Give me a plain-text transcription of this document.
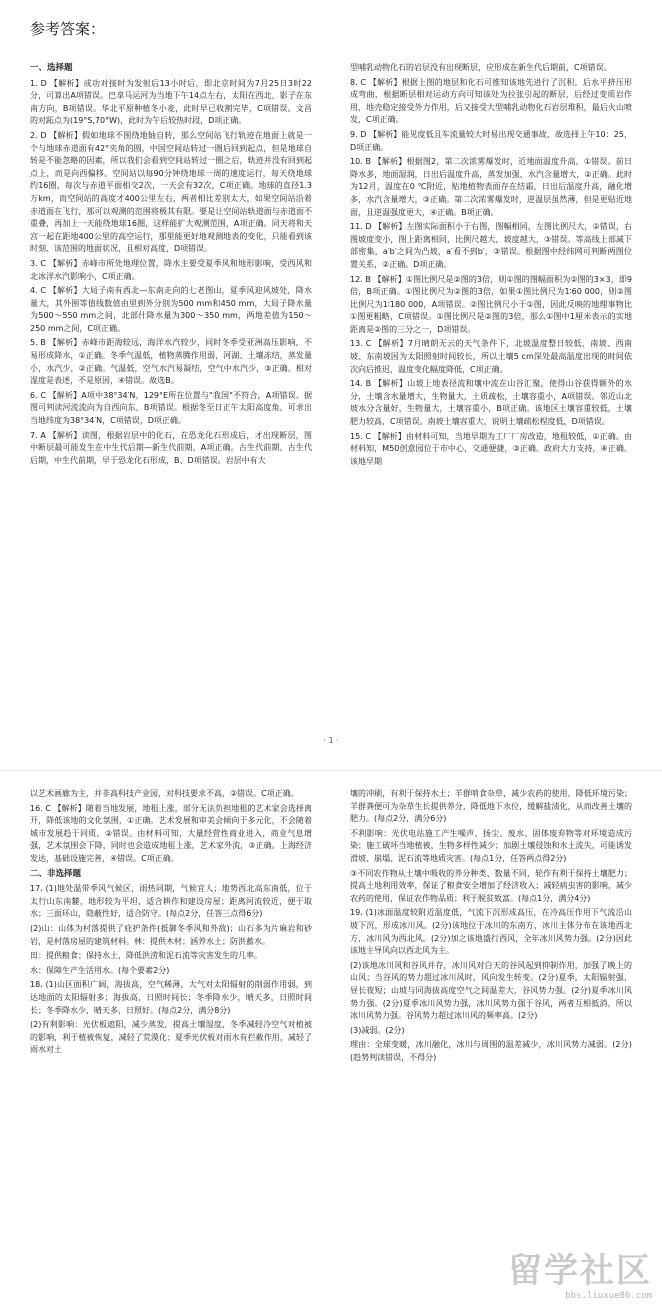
参考答案：
一、选择题
1. D 【解析】成功对接时为发射后13小时后，即北京时间为7月25日3时22分，可算出A项错误。巴拿马运河为当地下午14点左右，太阳在西北，影子在东南方向，B项错误。华北平原种植冬小麦，此时早已收割完毕，C项错误。文昌的对跖点为(19°S,70°W)，此时为午后较热时段，D项正确。
2. D 【解析】假如地球不围绕地轴自转，那么空间站飞行轨迹在地面上就是一个与地球赤道面有42°夹角的圆，中国空间站转过一圈后回到起点，但是地球自转是不能忽略的因素，所以我们会看到空间站转过一圈之后，轨迹并没有回到起点上，而是向西偏移。空间站以每90分钟绕地球一周的速度运行，每天绕地球约16圈，每次与赤道平面相交2次，一天会有32次，C项正确。地球的直径1.3万km，而空间站的高度才400公里左右，两者相比差别太大，如果空间站沿着赤道面在飞行，那可以观测的范围将极其有限。要是让空间站轨道面与赤道面不重叠，再加上一天能绕地球16圈，这样能扩大观测范围，A项正确。同天将和天宫一起在距地400公里的高空运行，那里能更好地观测地表的变化，只能看到该时刻、该范围的地面状况，且相对高度，D项错误。
3. C 【解析】赤峰市所处地理位置，降水主要受夏季风和地形影响，受西风和北冰洋水汽影响小，C项正确。
4. C 【解析】大局子南有西北—东南走向的七老图山，夏季风迎风坡处，降水量大，其外围等值线数值由里到外分别为500 mm和450 mm，大局子降水量为500～550 mm之间，北部什降水量为300～350 mm，两地差值为150～250 mm之间，C项正确。
5. B 【解析】赤峰市距海较远，海洋水汽较少，同时冬季受亚洲高压影响，不易形成降水，①正确。冬季气温低，植物蒸腾作用弱，河湖、土壤冻结，蒸发量小，水汽少，②正确。气温低，空气水汽易凝结，空气中水汽少，③正确。相对湿度是表述，不是原因，④错误。故选B。
6. C 【解析】A项中38°34′N，129°E所在位置与"我国"不符合，A项错误。据图可判读河流流向为自西向东，B项错误。根据冬至日正午太阳高度角，可求出当地纬度为38°34′N，C项错误，D项正确。
7. A 【解析】读图，根据岩层中的化石，在恐龙化石形成后，才出现断层，图中断层最可能发生在中生代后期—新生代前期，A项正确。古生代前期，古生代后期，中生代前期，早于恐龙化石形成，B、D项错误。岩层中有大
型哺乳动物化石的岩层没有出现断层，应形成在新生代后期前，C项错误。
8. C 【解析】根据上图的地层和化石可推知该地先进行了沉积，后水平挤压形成弯曲，根据断层相对运动方向可知该处为拉张引起的断层，后经过变质岩作用，地壳稳定接受外力作用，后又接受大型哺乳动物化石岩层堆积，最后火山喷发，C项正确。
9. D 【解析】能见度低且车流量较大时易出现交通事故，故选择上午10：25，D项正确。
10. B 【解析】根据图2，第二次浓雾爆发时，近地面温度升高，①错误。前日降水多，地面湿润，日出后温度升高，蒸发加强，水汽含量增大，②正确。此时为12月，温度在0 ℃附近，贴地植物表面存在结霜，日出后温度升高，融化增多，水汽含量增大，③正确。第二次浓雾爆发时，逆温层虽然薄，但是更贴近地面，且逆温强度更大，④正确。B项正确。
11. D 【解析】左图实际面积小于右图，图幅相同，左图比例尺大，②错误，右图坡度变小，图上距离相同，比例尺越大，坡度越大，③错误。等高线上部减下部密集，a′b′之间为凸坡，a′看不到b′，③错误。根据图中经纬网可判断两图位置关系，②正确。D项正确。
12. B 【解析】①图比例尺是②图的3倍，则①图的图幅面积为②图的3×3，即9倍，B项正确。①图比例尺为②图的3倍，如果①图比例尺为1∶60 000，则②图比例尺为1∶180 000，A项错误。②图比例尺小于①图，因此反映的地理事物比①图更粗略，C项错误。①图比例尺是②图的3倍，那么①图中1厘米表示的实地距离是②图的三分之一，D项错误。
13. C 【解析】7月晴朗无云的天气条件下，北坡温度整日较低，南坡、西南坡、东南坡因为太阳照射时间较长，所以土壤5 cm深处最高温度出现的时间依次向后推迟，温度变化幅度降低，C项正确。
14. B 【解析】山坡上地表径流和壤中流在山谷汇聚，使得山谷获得额外的水分，土壤含水量增大，生物量大，土质疏松，土壤容重小，A项错误。邻近山北坡水分含量好，生物量大，土壤容重小，B项正确。该地区土壤容重较低，土壤肥力较高，C项错误。南坡土壤容重大，说明土壤疏松程度低，D项错误。
15. C 【解析】由材料可知，当地早期为工厂厂房改造，地租较低，①正确。由材料知，M50创意园位于市中心，交通便捷，③正确。政府大力支持，④正确。该地早期
· 1 ·
以艺术画廊为主，并非高科技产业园，对科技要求不高，②错误。C项正确。
16. C 【解析】随着当地发展，地租上涨，部分无法负担地租的艺术家会选择离开，降低该地的文化氛围，①正确。艺术发展和审美会倾向于多元化，不会随着城市发展趋于同质，②错误。由材料可知，大量经营性商业进入，商业气息增强，艺术氛围会下降，同时也会造成地租上涨，艺术家外流，③正确。上海经济发达，基础设施完善，④错误。C项正确。
二、非选择题
17. (1)地处温带季风气候区，雨热同期，气候宜人；地势西北高东南低，位于太行山东南麓，地形较为平坦，适合耕作和建设房屋；距离河流较近，便于取水；三面环山，隐蔽性好，适合防守。(每点2分，任答三点得6分)
(2)山：山体为村落提供了庇护条件(抵御冬季风和外敌)；山石多为片麻岩和砂岩，是村落房屋的建筑材料。林：提供木材；涵养水土；防洪蓄水。
田：提供粮食；保持水土，降低洪涝和泥石流等灾害发生的几率。
水：保障生产生活用水。(每个要素2分)
18. (1)山区面积广阔，海拔高，空气稀薄，大气对太阳辐射的削弱作用弱，到达地面的太阳辐射多；海拔高，日照时间长；冬季降水少，晴天多，日照时间长；冬季降水少，晴天多，日照好。(每点2分，满分8分)
(2)有利影响：光伏板遮阳，减少蒸发，提高土壤湿度，冬季减轻冷空气对植被的影响，利于植被恢复，减轻了荒漠化；夏季光伏板对雨水有拦截作用，减轻了雨水对土
壤的冲刷，有利于保持水土；羊群啃食杂草，减少农药的使用，降低环境污染；羊群粪便可为杂草生长提供养分，降低地下水位，缓解盐渍化，从而改善土壤的肥力。(每点2分，满分6分)
不利影响：光伏电站施工产生噪声、扬尘、废水、固体废弃物等对环境造成污染；施工破坏当地植被，生物多样性减少；加剧土壤侵蚀和水土流失，可能诱发滑坡、崩塌、泥石流等地质灾害。(每点1分，任答两点得2分)
③不同农作物从土壤中吸收的养分种类、数量不同，轮作有利于保持土壤肥力；提高土地利用效率，保证了粮食安全增加了经济收入；减轻病虫害的影响，减少农药的使用，保证农作物品质；利于脱贫致富。(每点1分，满分4分)
19. (1)冰面温度较附近温度低，气流下沉形成高压，在冷高压作用下气流沿山坡下沉，形成冰川风。(2分)该地位于冰川的东南方，冰川主体分布在该地西北方，冰川风为西北风。(2分)加之该地盛行西风，全年冰川风势力强。(2分)因此该地主导风向以西北风为主。
(2)该地冰川风和谷风并存，冰川风对白天的谷风起到抑制作用，加强了晚上的山风；当谷风的势力超过冰川风时，风向发生转变。(2分)夏季，太阳辐射强，昼长夜短；山坡与同海拔高度空气之间温差大，谷风势力强。(2分)夏季冰川风势力强。(2分)夏季冰川风势力强，冰川风势力强于谷风，两者互相抵消，所以冰川风势力强。谷风势力超过冰川风的频率高。(2分)
(3)减弱。(2分)
理由：全球变暖，冰川融化，冰川与周围的温差减少，冰川风势力减弱。(2分)(趋势判读错误，不得分)
留学社区
bbs.liuxue86.com
